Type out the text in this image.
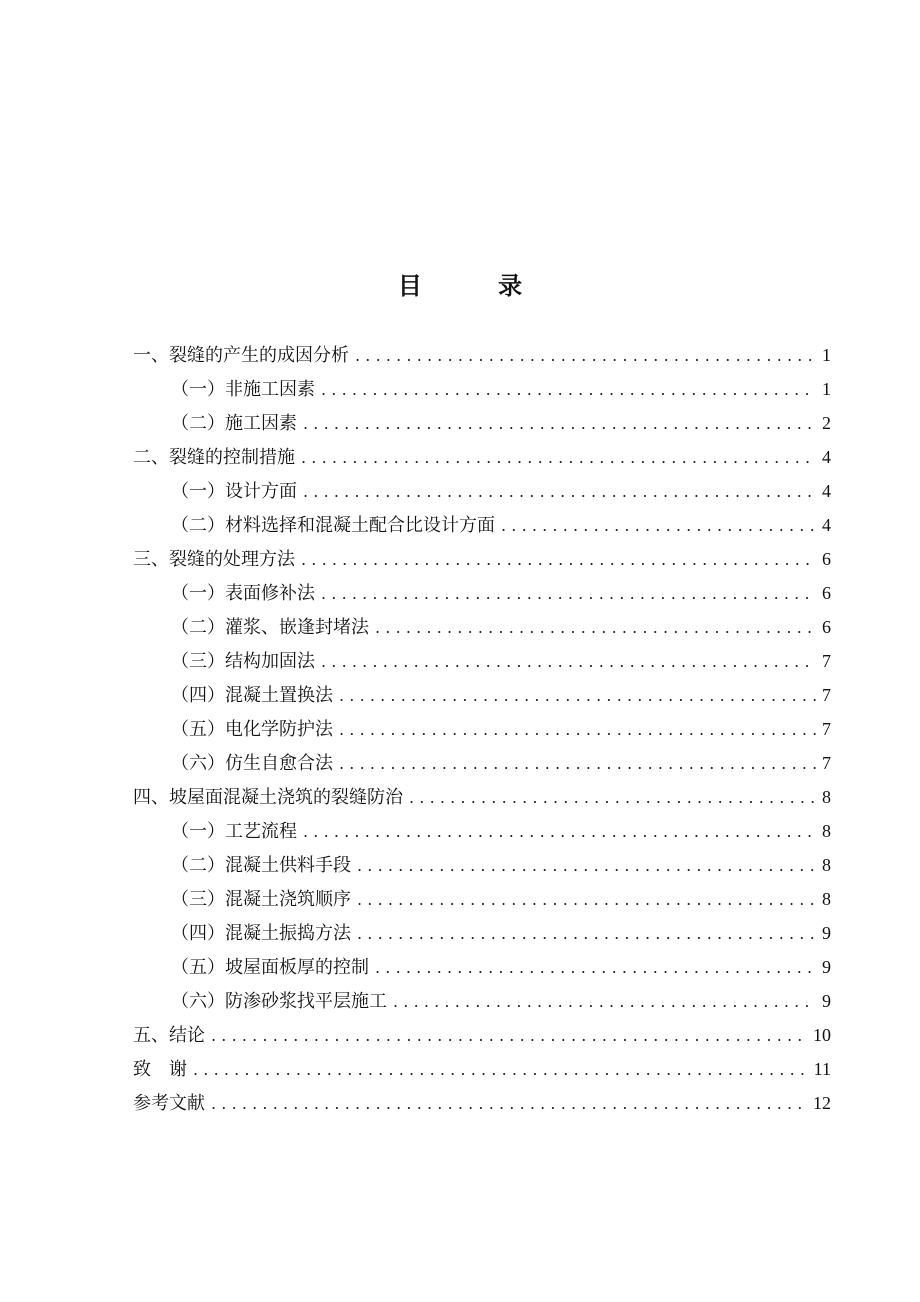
目 录
一、裂缝的产生的成因分析 .....	1
（一）非施工因素 .....	1
（二）施工因素 .....	2
二、裂缝的控制措施 .....	4
（一）设计方面 .....	4
（二）材料选择和混凝土配合比设计方面 .....	4
三、裂缝的处理方法 .....	6
（一）表面修补法 .....	6
（二）灌浆、嵌逢封堵法 .....	6
（三）结构加固法 .....	7
（四）混凝土置换法 .....	7
（五）电化学防护法 .....	7
（六）仿生自愈合法 .....	7
四、坡屋面混凝土浇筑的裂缝防治 .....	8
（一）工艺流程 .....	8
（二）混凝土供料手段 .....	8
（三）混凝土浇筑顺序 .....	8
（四）混凝土振捣方法 .....	9
（五）坡屋面板厚的控制 .....	9
（六）防渗砂浆找平层施工 .....	9
五、结论 .....	10
致　谢 .....	11
参考文献 .....	12
